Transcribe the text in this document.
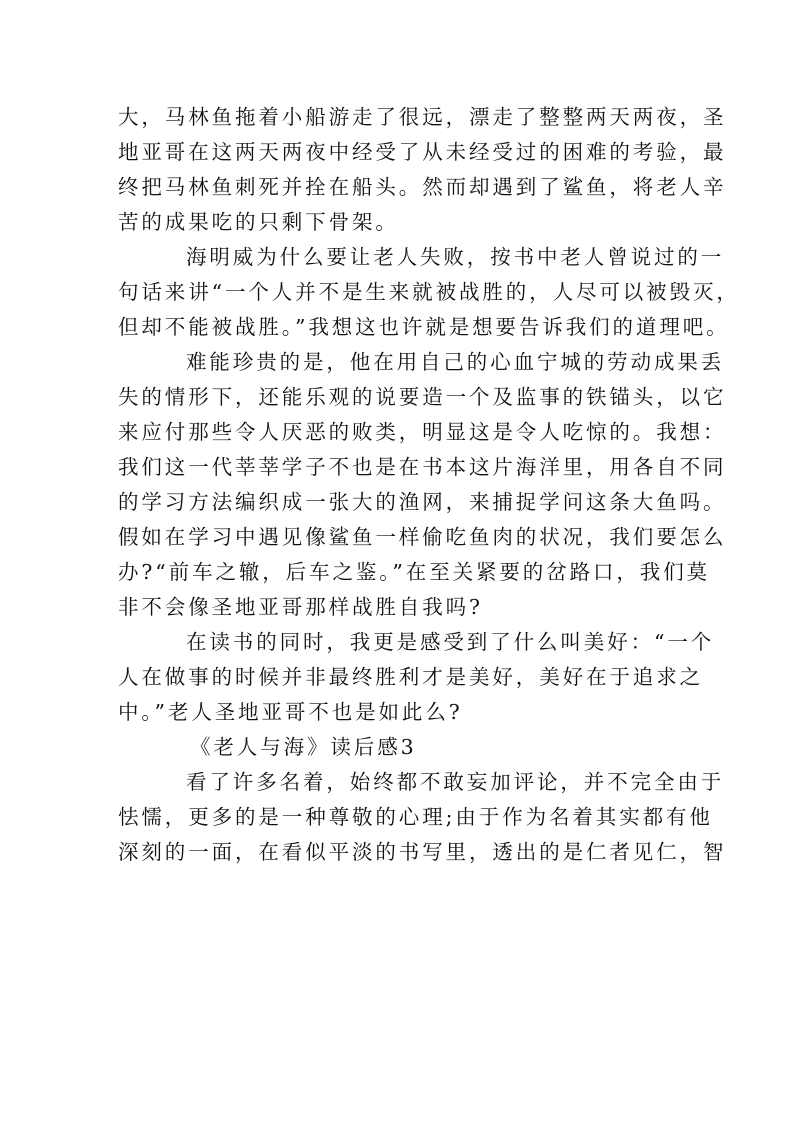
大，马林鱼拖着小船游走了很远，漂走了整整两天两夜，圣
地亚哥在这两天两夜中经受了从未经受过的困难的考验，最
终把马林鱼刺死并拴在船头。然而却遇到了鲨鱼，将老人辛
苦的成果吃的只剩下骨架。
海明威为什么要让老人失败，按书中老人曾说过的一
句话来讲“一个人并不是生来就被战胜的，人尽可以被毁灭，
但却不能被战胜。”我想这也许就是想要告诉我们的道理吧。
难能珍贵的是，他在用自己的心血宁城的劳动成果丢
失的情形下，还能乐观的说要造一个及监事的铁锚头，以它
来应付那些令人厌恶的败类，明显这是令人吃惊的。我想：
我们这一代莘莘学子不也是在书本这片海洋里，用各自不同
的学习方法编织成一张大的渔网，来捕捉学问这条大鱼吗。
假如在学习中遇见像鲨鱼一样偷吃鱼肉的状况，我们要怎么
办?“前车之辙，后车之鉴。”在至关紧要的岔路口，我们莫
非不会像圣地亚哥那样战胜自我吗?
在读书的同时，我更是感受到了什么叫美好：“一个
人在做事的时候并非最终胜利才是美好，美好在于追求之
中。”老人圣地亚哥不也是如此么?
《老人与海》读后感3
看了许多名着，始终都不敢妄加评论，并不完全由于
怯懦，更多的是一种尊敬的心理;由于作为名着其实都有他
深刻的一面，在看似平淡的书写里，透出的是仁者见仁，智
